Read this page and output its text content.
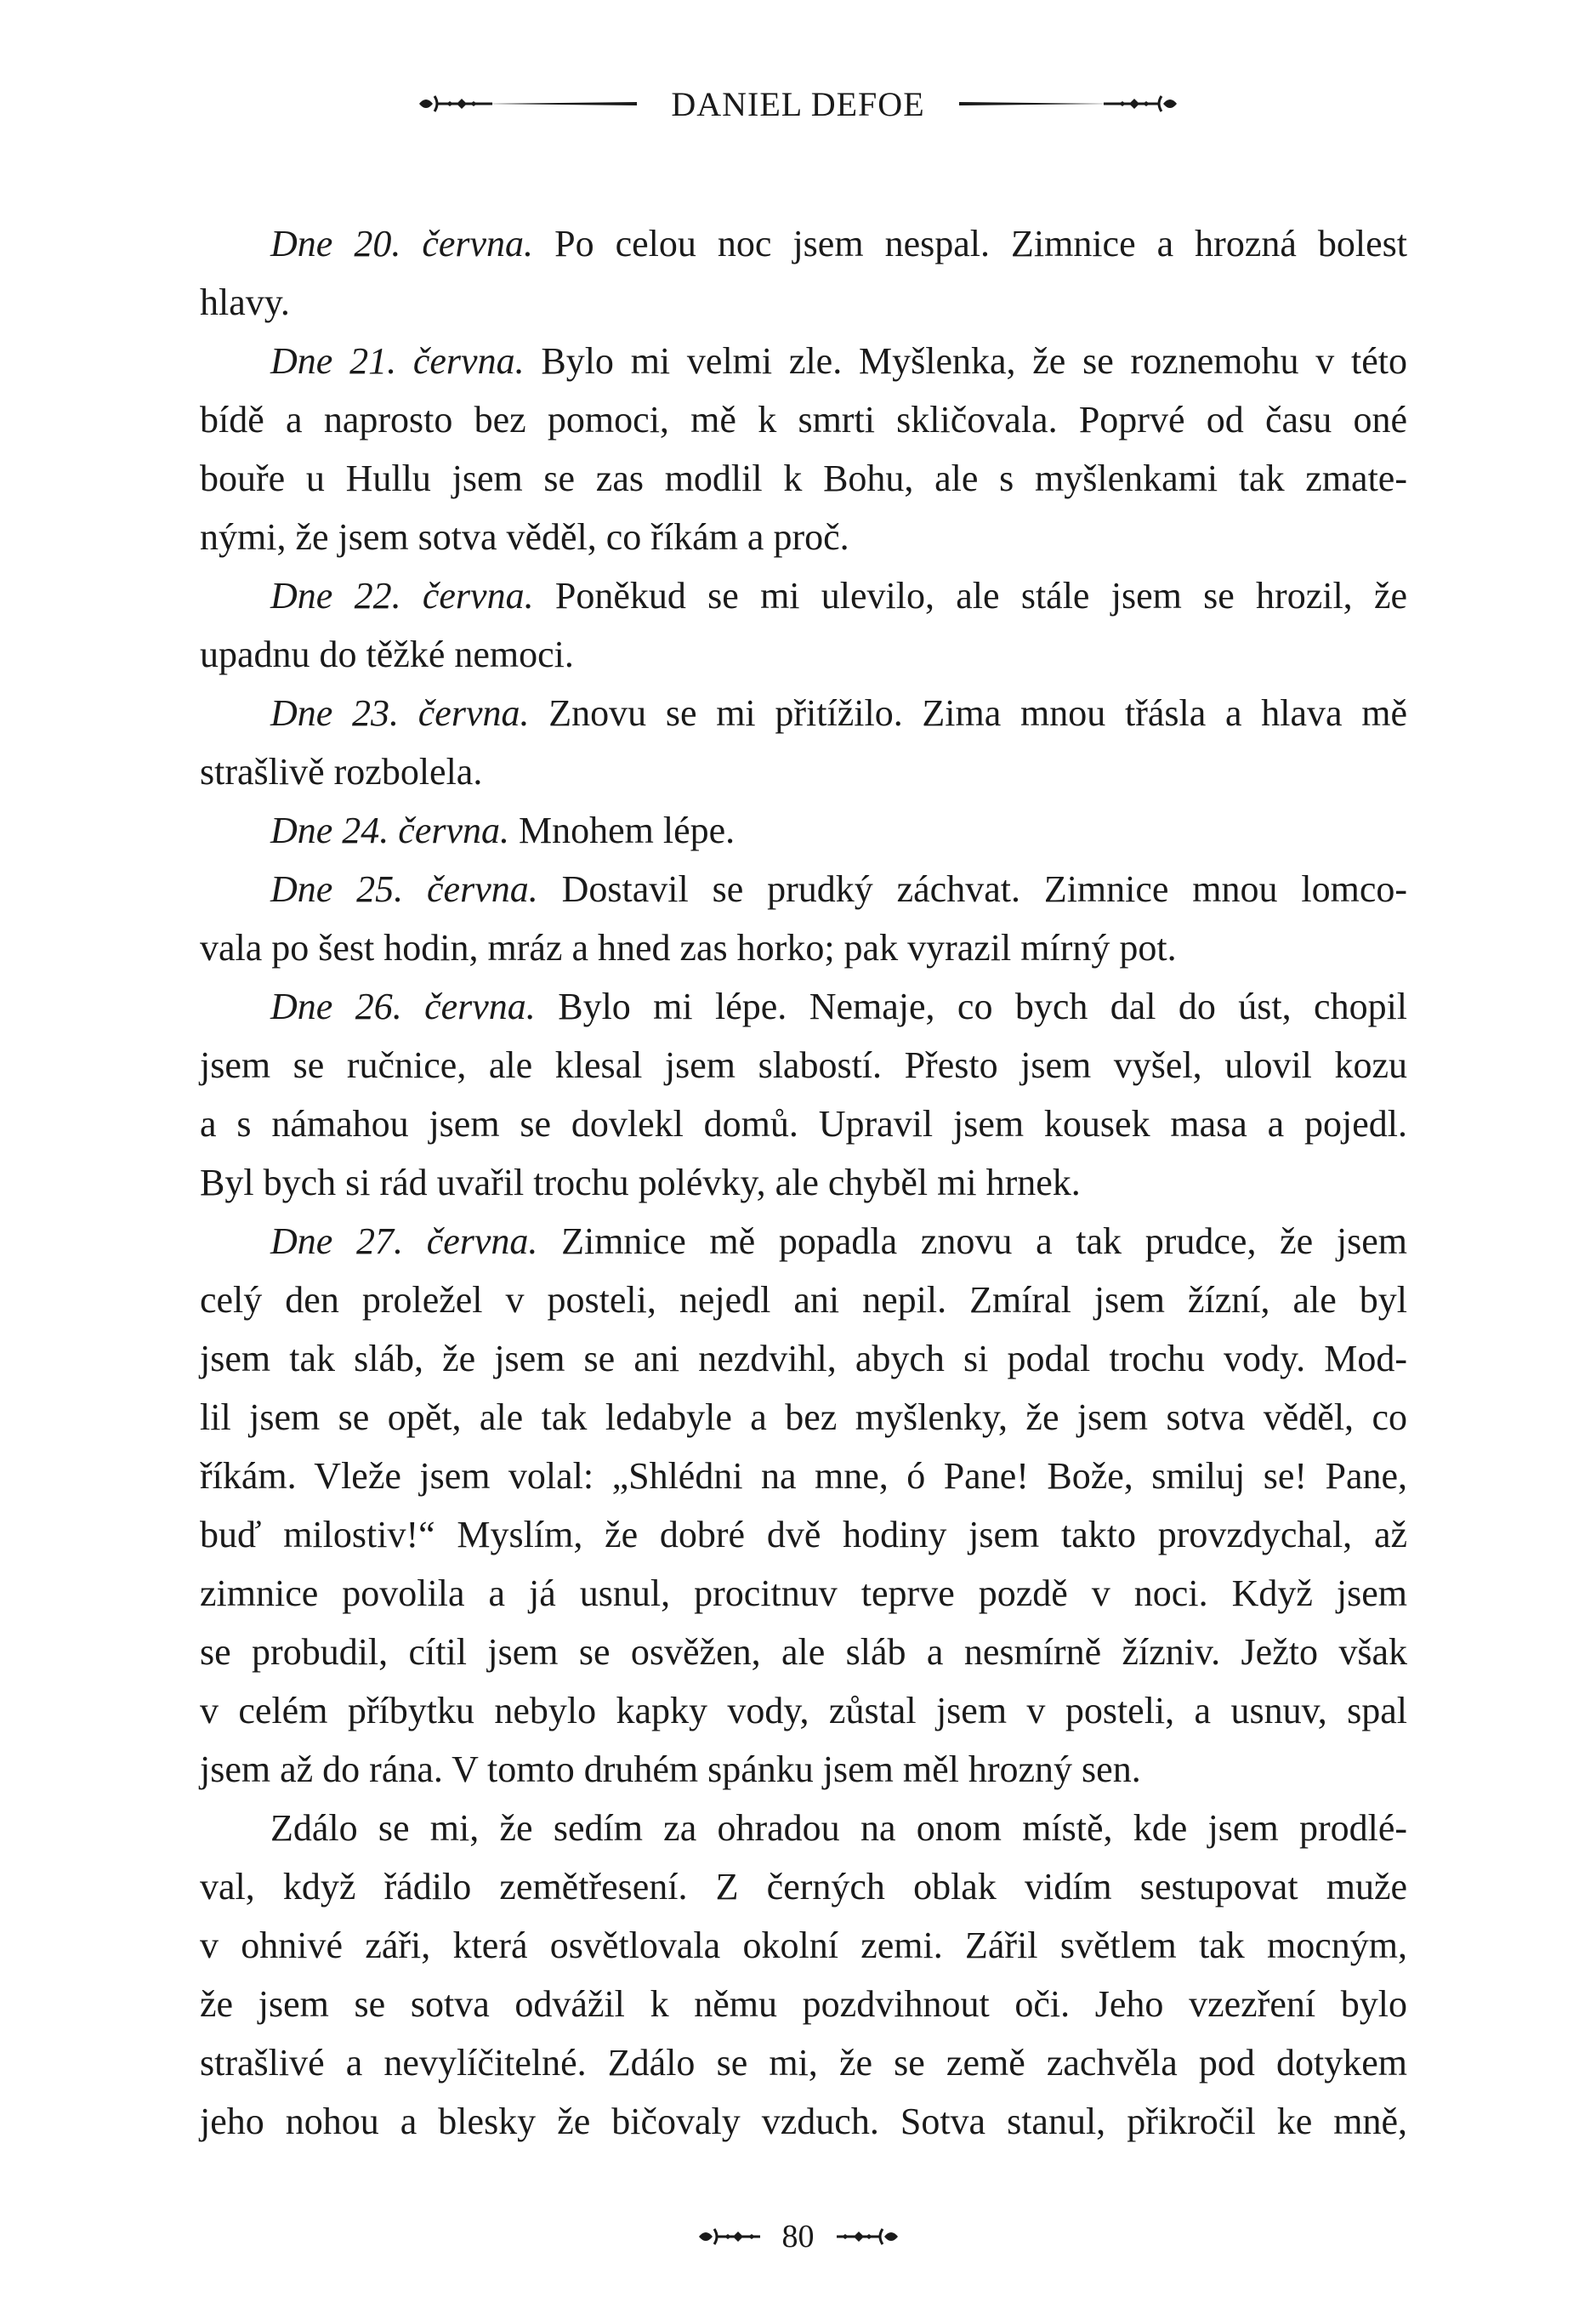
DANIEL DEFOE
Dne 20. června. Po celou noc jsem nespal. Zimnice a hrozná bolest
hlavy.
Dne 21. června. Bylo mi velmi zle. Myšlenka, že se roznemohu v této
bídě a naprosto bez pomoci, mě k smrti skličovala. Poprvé od času oné
bouře u Hullu jsem se zas modlil k Bohu, ale s myšlenkami tak zmate-
nými, že jsem sotva věděl, co říkám a proč.
Dne 22. června. Poněkud se mi ulevilo, ale stále jsem se hrozil, že
upadnu do těžké nemoci.
Dne 23. června. Znovu se mi přitížilo. Zima mnou třásla a hlava mě
strašlivě rozbolela.
Dne 24. června. Mnohem lépe.
Dne 25. června. Dostavil se prudký záchvat. Zimnice mnou lomco-
vala po šest hodin, mráz a hned zas horko; pak vyrazil mírný pot.
Dne 26. června. Bylo mi lépe. Nemaje, co bych dal do úst, chopil
jsem se ručnice, ale klesal jsem slabostí. Přesto jsem vyšel, ulovil kozu
a s námahou jsem se dovlekl domů. Upravil jsem kousek masa a pojedl.
Byl bych si rád uvařil trochu polévky, ale chyběl mi hrnek.
Dne 27. června. Zimnice mě popadla znovu a tak prudce, že jsem
celý den proležel v posteli, nejedl ani nepil. Zmíral jsem žízní, ale byl
jsem tak sláb, že jsem se ani nezdvihl, abych si podal trochu vody. Mod-
lil jsem se opět, ale tak ledabyle a bez myšlenky, že jsem sotva věděl, co
říkám. Vleže jsem volal: „Shlédni na mne, ó Pane! Bože, smiluj se! Pane,
buď milostiv!“ Myslím, že dobré dvě hodiny jsem takto provzdychal, až
zimnice povolila a já usnul, procitnuv teprve pozdě v noci. Když jsem
se probudil, cítil jsem se osvěžen, ale sláb a nesmírně žízniv. Ježto však
v celém příbytku nebylo kapky vody, zůstal jsem v posteli, a usnuv, spal
jsem až do rána. V tomto druhém spánku jsem měl hrozný sen.
Zdálo se mi, že sedím za ohradou na onom místě, kde jsem prodlé-
val, když řádilo zemětřesení. Z černých oblak vidím sestupovat muže
v ohnivé záři, která osvětlovala okolní zemi. Zářil světlem tak mocným,
že jsem se sotva odvážil k němu pozdvihnout oči. Jeho vzezření bylo
strašlivé a nevylíčitelné. Zdálo se mi, že se země zachvěla pod dotykem
jeho nohou a blesky že bičovaly vzduch. Sotva stanul, přikročil ke mně,
80
